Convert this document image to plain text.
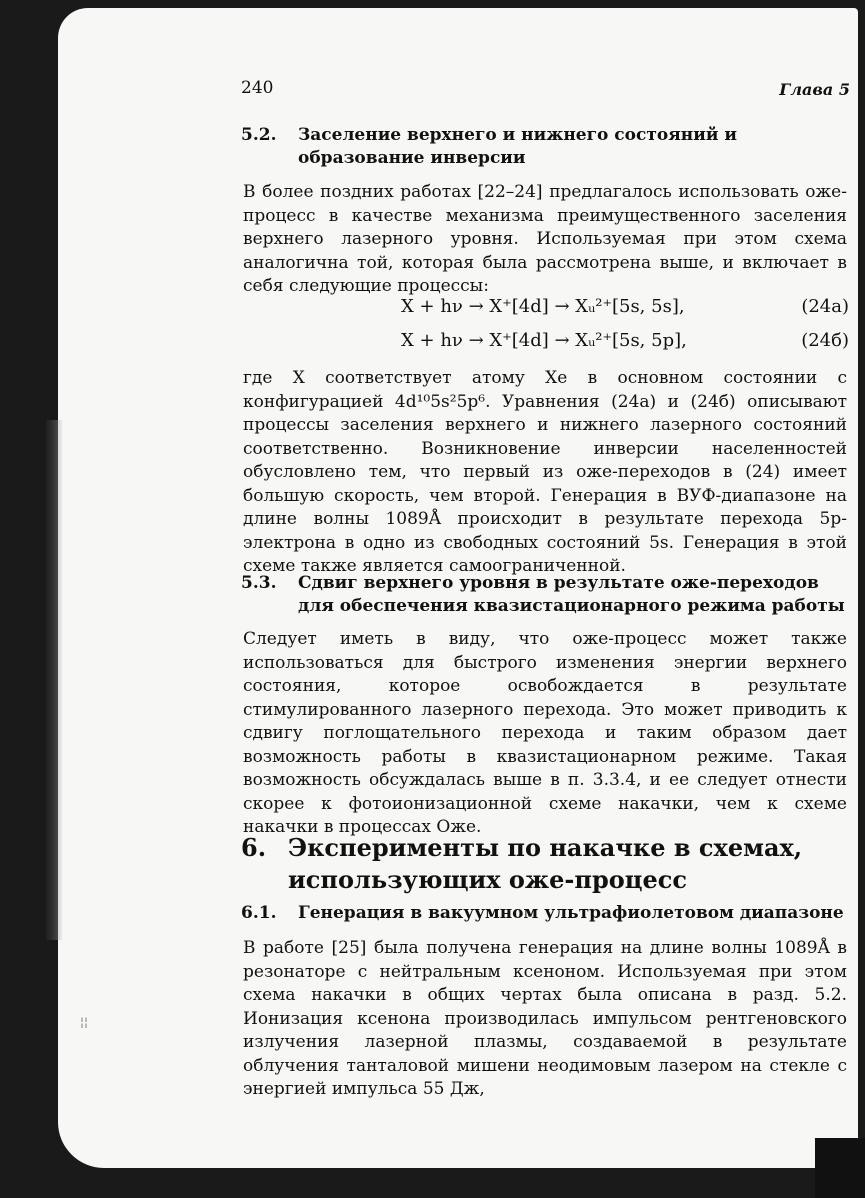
240	Глава 5
5.2. Заселение верхнего и нижнего состояний и образование инверсии
В более поздних работах [22–24] предлагалось использовать оже-процесс в качестве механизма преимущественного заселения верхнего лазерного уровня. Используемая при этом схема аналогична той, которая была рассмотрена выше, и включает в себя следующие процессы:
X + hν → X⁺[4d] → Xᵤ²⁺[5s, 5s],	(24а)
X + hν → X⁺[4d] → Xᵤ²⁺[5s, 5p],	(24б)
где X соответствует атому Xe в основном состоянии с конфигурацией 4d¹⁰5s²5p⁶. Уравнения (24а) и (24б) описывают процессы заселения верхнего и нижнего лазерного состояний соответственно. Возникновение инверсии населенностей обусловлено тем, что первый из оже-переходов в (24) имеет большую скорость, чем второй. Генерация в ВУФ-диапазоне на длине волны 1089Å происходит в результате перехода 5p-электрона в одно из свободных состояний 5s. Генерация в этой схеме также является самоограниченной.
5.3. Сдвиг верхнего уровня в результате оже-переходов для обеспечения квазистационарного режима работы
Следует иметь в виду, что оже-процесс может также использоваться для быстрого изменения энергии верхнего состояния, которое освобождается в результате стимулированного лазерного перехода. Это может приводить к сдвигу поглощательного перехода и таким образом дает возможность работы в квазистационарном режиме. Такая возможность обсуждалась выше в п. 3.3.4, и ее следует отнести скорее к фотоионизационной схеме накачки, чем к схеме накачки в процессах Оже.
6. Эксперименты по накачке в схемах, использующих оже-процесс
6.1. Генерация в вакуумном ультрафиолетовом диапазоне
В работе [25] была получена генерация на длине волны 1089Å в резонаторе с нейтральным ксеноном. Используемая при этом схема накачки в общих чертах была описана в разд. 5.2. Ионизация ксенона производилась импульсом рентгеновского излучения лазерной плазмы, создаваемой в результате облучения танталовой мишени неодимовым лазером на стекле с энергией импульса 55 Дж,
¦¦
